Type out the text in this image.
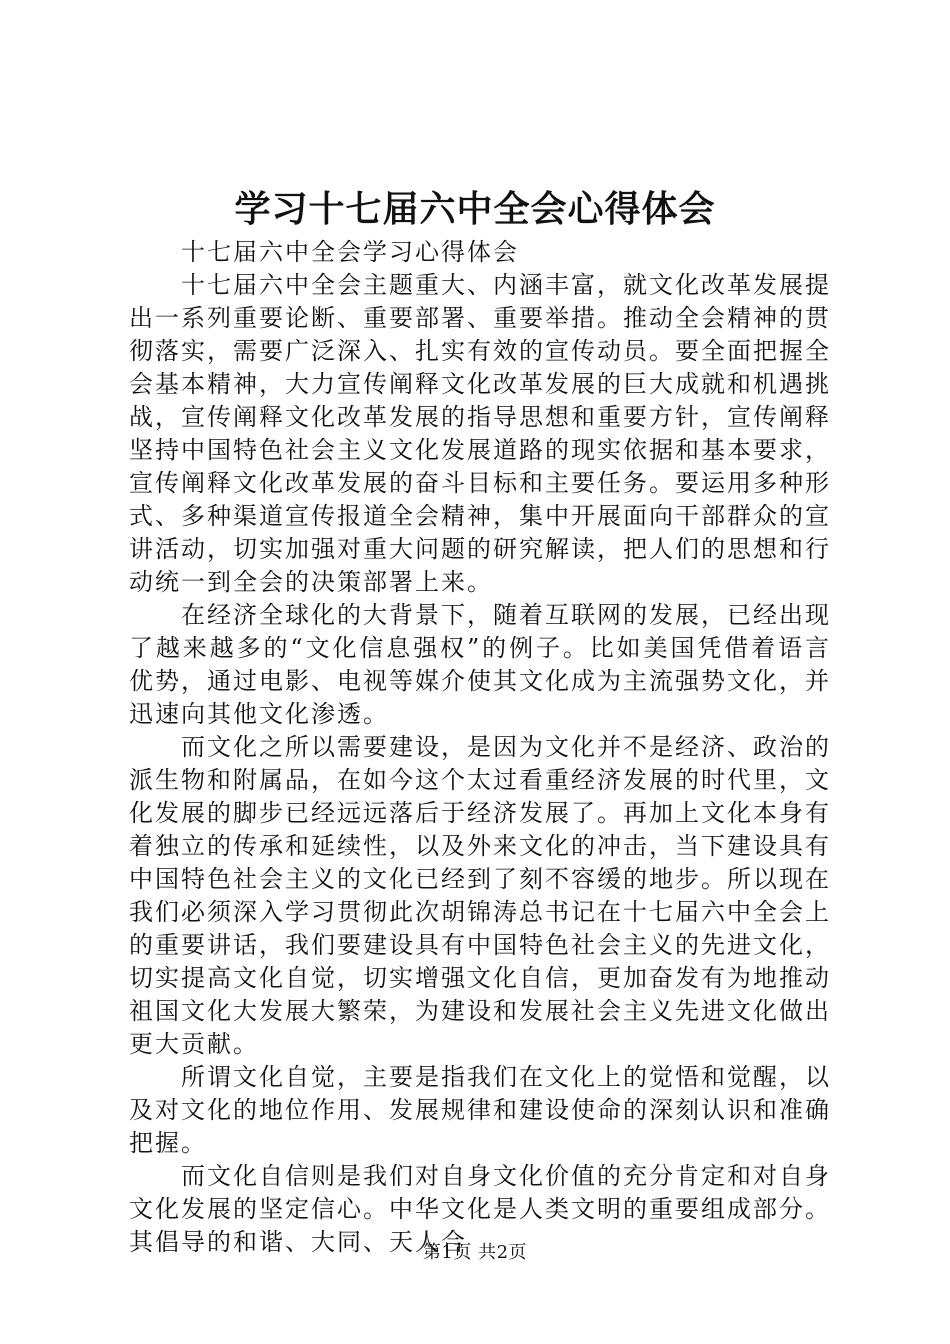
学习十七届六中全会心得体会

十七届六中全会学习心得体会

十七届六中全会主题重大、内涵丰富，就文化改革发展提出一系列重要论断、重要部署、重要举措。推动全会精神的贯彻落实，需要广泛深入、扎实有效的宣传动员。要全面把握全会基本精神，大力宣传阐释文化改革发展的巨大成就和机遇挑战，宣传阐释文化改革发展的指导思想和重要方针，宣传阐释坚持中国特色社会主义文化发展道路的现实依据和基本要求，宣传阐释文化改革发展的奋斗目标和主要任务。要运用多种形式、多种渠道宣传报道全会精神，集中开展面向干部群众的宣讲活动，切实加强对重大问题的研究解读，把人们的思想和行动统一到全会的决策部署上来。

在经济全球化的大背景下，随着互联网的发展，已经出现了越来越多的“文化信息强权”的例子。比如美国凭借着语言优势，通过电影、电视等媒介使其文化成为主流强势文化，并迅速向其他文化渗透。

而文化之所以需要建设，是因为文化并不是经济、政治的派生物和附属品，在如今这个太过看重经济发展的时代里，文化发展的脚步已经远远落后于经济发展了。再加上文化本身有着独立的传承和延续性，以及外来文化的冲击，当下建设具有中国特色社会主义的文化已经到了刻不容缓的地步。所以现在我们必须深入学习贯彻此次胡锦涛总书记在十七届六中全会上的重要讲话，我们要建设具有中国特色社会主义的先进文化，切实提高文化自觉，切实增强文化自信，更加奋发有为地推动祖国文化大发展大繁荣，为建设和发展社会主义先进文化做出更大贡献。

所谓文化自觉，主要是指我们在文化上的觉悟和觉醒，以及对文化的地位作用、发展规律和建设使命的深刻认识和准确把握。

而文化自信则是我们对自身文化价值的充分肯定和对自身文化发展的坚定信心。中华文化是人类文明的重要组成部分。其倡导的和谐、大同、天人合

第1页 共2页
